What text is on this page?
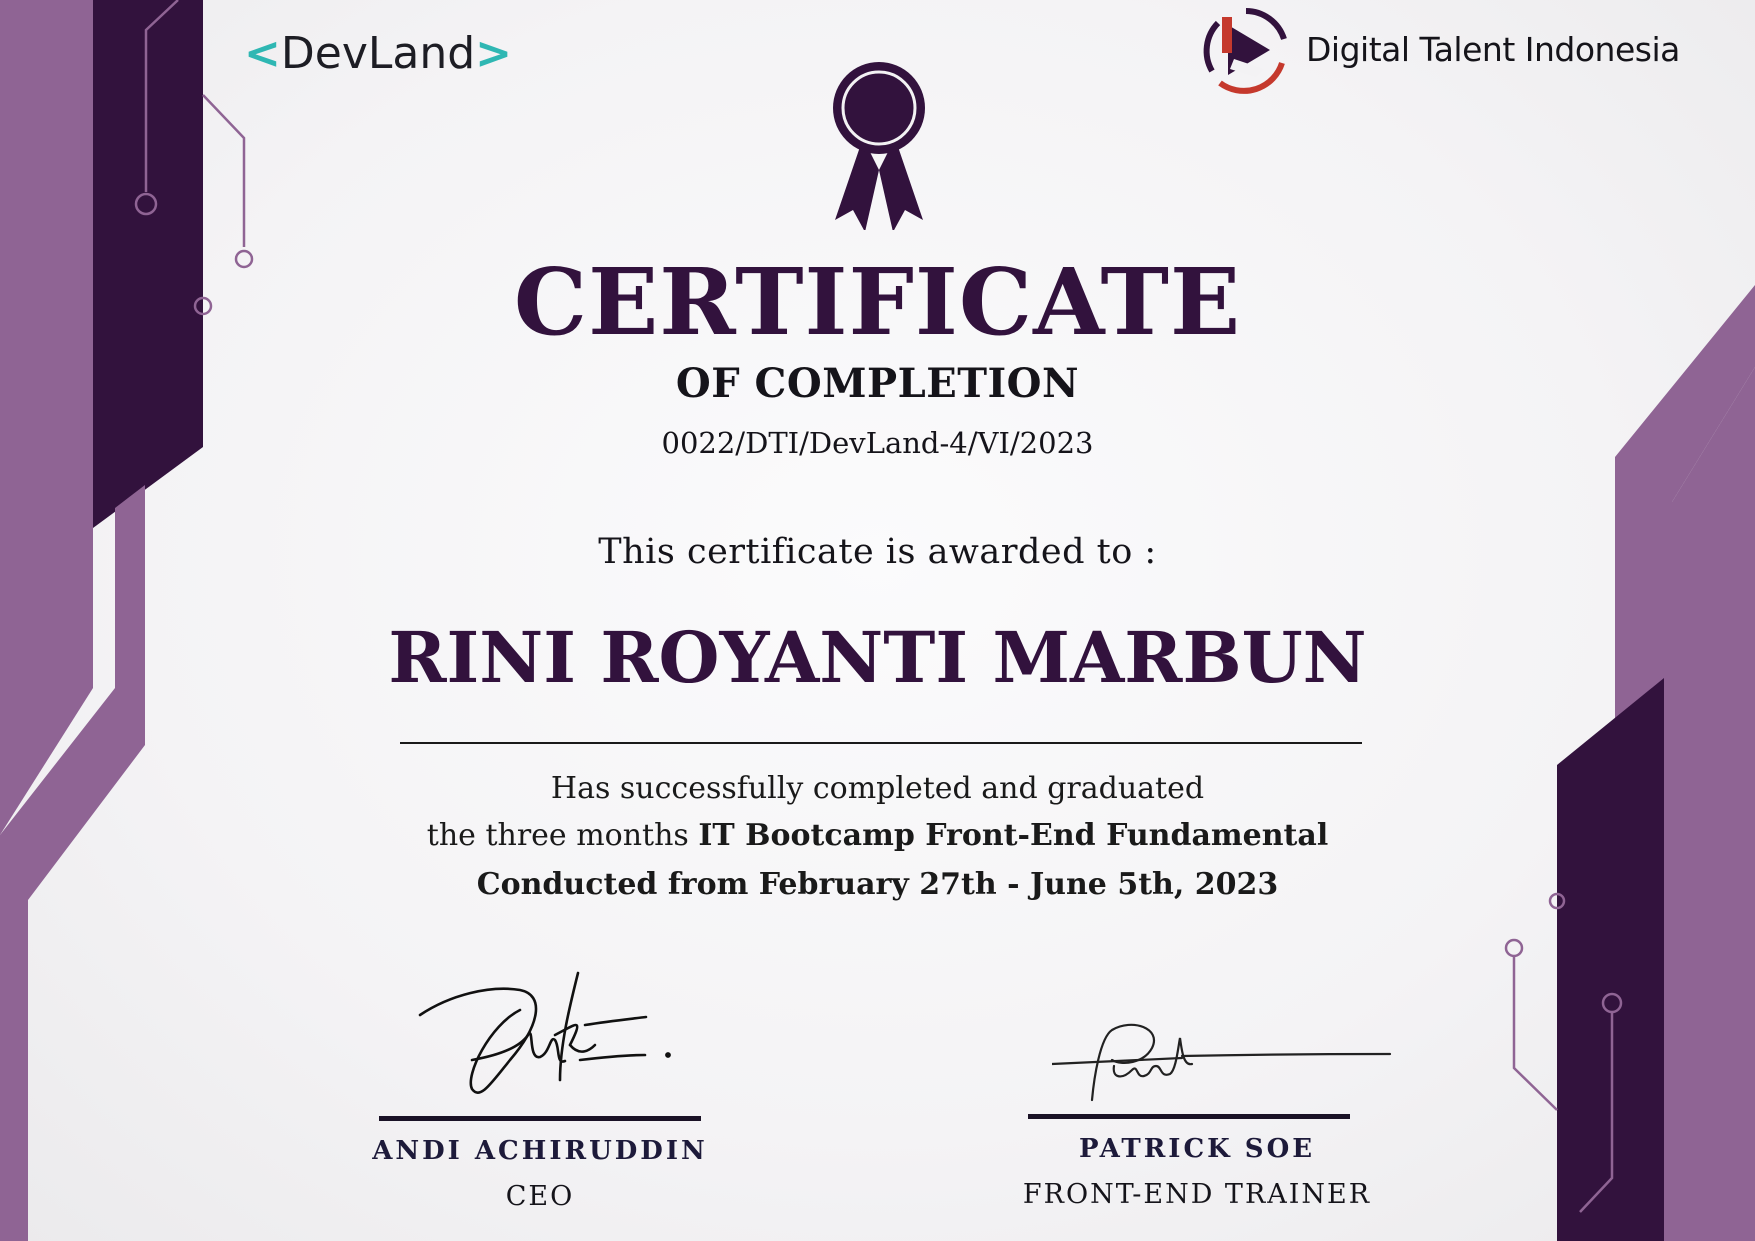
<DevLand>	Digital Talent Indonesia
CERTIFICATE
OF COMPLETION
0022/DTI/DevLand-4/VI/2023
This certificate is awarded to :
RINI ROYANTI MARBUN
Has successfully completed and graduated
the three months IT Bootcamp Front-End Fundamental
Conducted from February 27th - June 5th, 2023
ANDI ACHIRUDDIN
CEO
PATRICK SOE
FRONT-END TRAINER
